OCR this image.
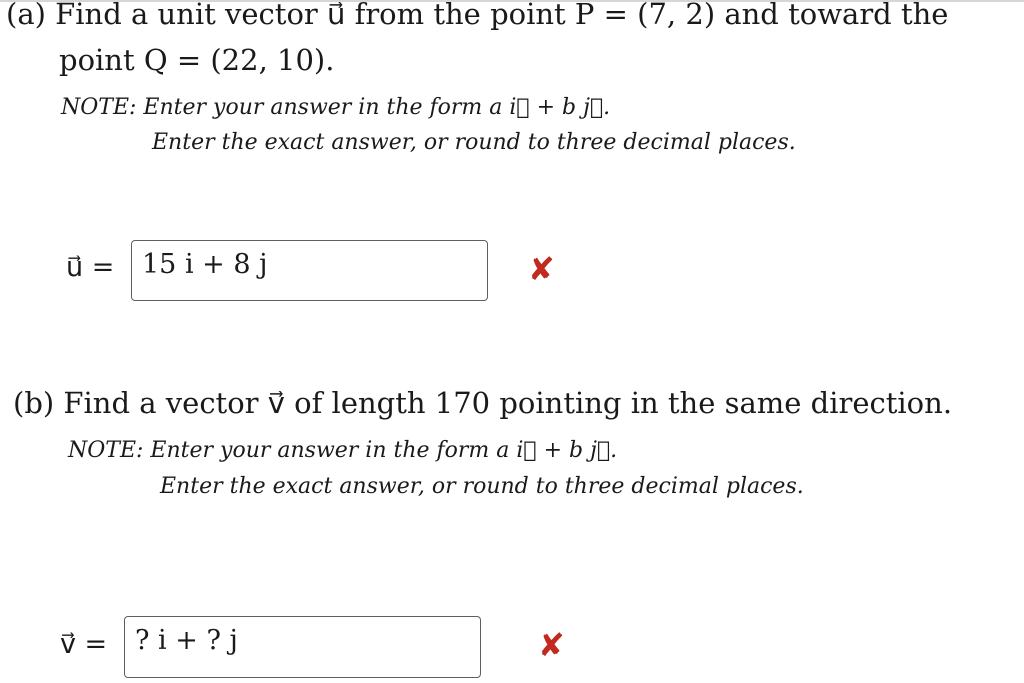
(a) Find a unit vector u⃗ from the point P = (7, 2) and toward the
point Q = (22, 10).
NOTE: Enter your answer in the form a i⃗ + b j⃗.
Enter the exact answer, or round to three decimal places.
u⃗ =	15 i + 8 j	✘
(b) Find a vector v⃗ of length 170 pointing in the same direction.
NOTE: Enter your answer in the form a i⃗ + b j⃗.
Enter the exact answer, or round to three decimal places.
v⃗ =	? i + ? j	✘
